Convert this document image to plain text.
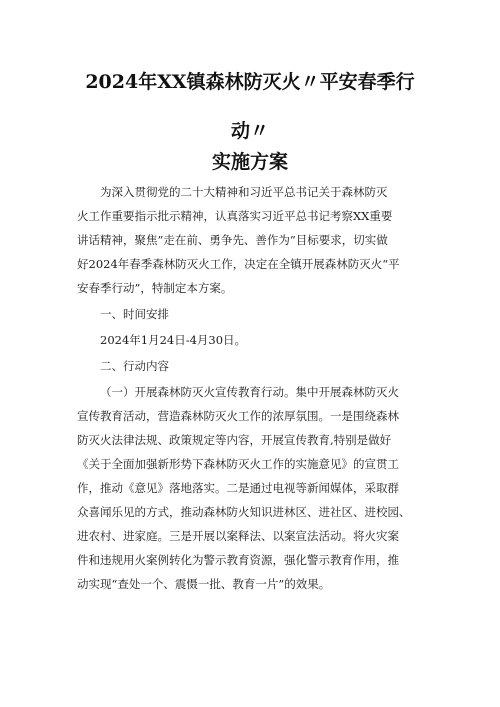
2024年XX镇森林防灭火〃平安春季行
动〃
实施方案
为深入贯彻党的二十大精神和习近平总书记关于森林防灭
火工作重要指示批示精神，认真落实习近平总书记考察XX重要
讲话精神，聚焦”走在前、勇争先、善作为”目标要求，切实做
好2024年春季森林防灭火工作，决定在全镇开展森林防灭火“平
安春季行动”，特制定本方案。
一、时间安排
2024年1月24日-4月30日。
二、行动内容
（一）开展森林防灭火宣传教育行动。集中开展森林防灭火
宣传教育活动，营造森林防灭火工作的浓厚氛围。一是围绕森林
防灭火法律法规、政策规定等内容，开展宣传教育,特别是做好
《关于全面加强新形势下森林防灭火工作的实施意见》的宣贯工
作，推动《意见》落地落实。二是通过电视等新闻媒体，采取群
众喜闻乐见的方式，推动森林防火知识进林区、进社区、进校园、
进农村、进家庭。三是开展以案释法、以案宣法活动。将火灾案
件和违规用火案例转化为警示教育资源，强化警示教育作用，推
动实现“查处一个、震慑一批、教育一片”的效果。
